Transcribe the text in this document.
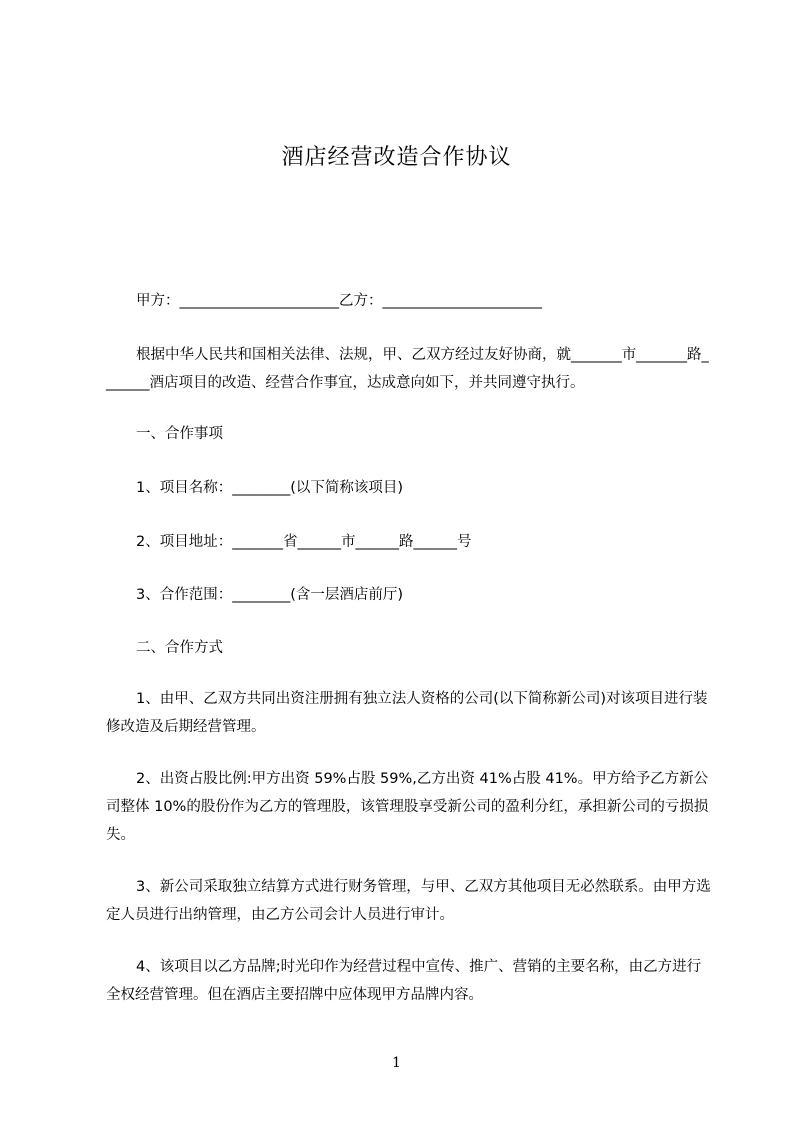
酒店经营改造合作协议
甲方：______________________乙方：______________________
根据中华人民共和国相关法律、法规，甲、乙双方经过友好协商，就_______市_______路_______酒店项目的改造、经营合作事宜，达成意向如下，并共同遵守执行。
一、合作事项
1、项目名称：________(以下简称该项目)
2、项目地址：_______省______市______路______号
3、合作范围：________(含一层酒店前厅)
二、合作方式
1、由甲、乙双方共同出资注册拥有独立法人资格的公司(以下简称新公司)对该项目进行装修改造及后期经营管理。
2、出资占股比例:甲方出资 59%占股 59%,乙方出资 41%占股 41%。甲方给予乙方新公司整体 10%的股份作为乙方的管理股，该管理股享受新公司的盈利分红，承担新公司的亏损损失。
3、新公司采取独立结算方式进行财务管理，与甲、乙双方其他项目无必然联系。由甲方选定人员进行出纳管理，由乙方公司会计人员进行审计。
4、该项目以乙方品牌;时光印作为经营过程中宣传、推广、营销的主要名称，由乙方进行全权经营管理。但在酒店主要招牌中应体现甲方品牌内容。
1
